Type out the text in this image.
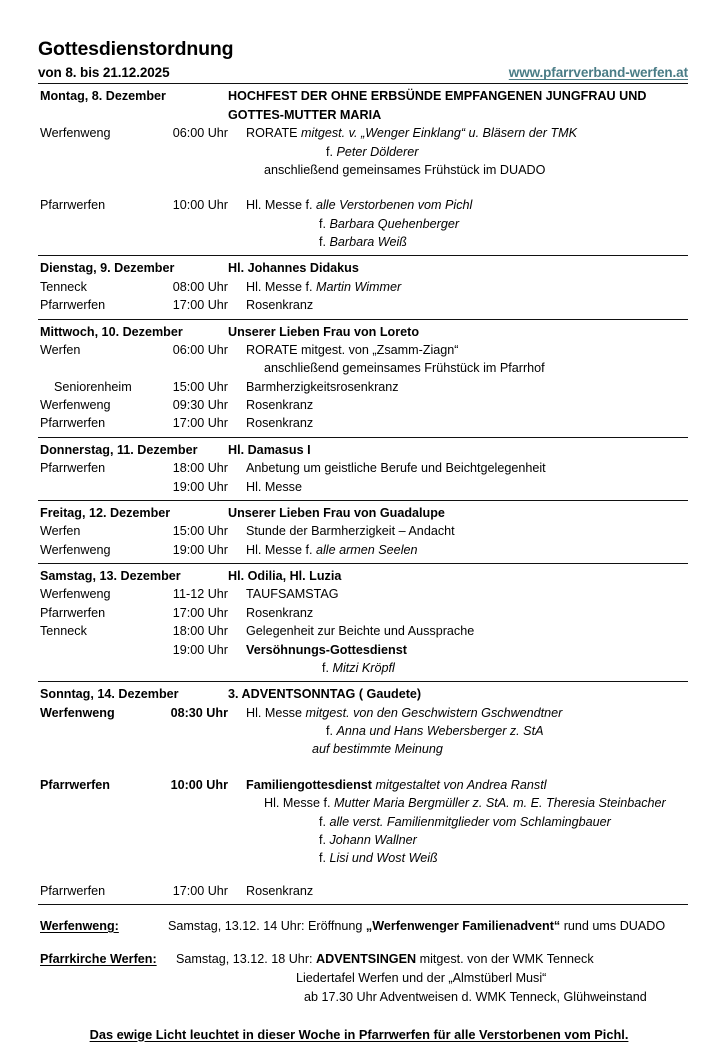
Gottesdienstordnung
von 8. bis 21.12.2025	www.pfarrverband-werfen.at
Montag, 8. Dezember	HOCHFEST DER OHNE ERBSÜNDE EMPFANGENEN JUNGFRAU UND
GOTTES-MUTTER MARIA
Werfenweng	06:00 Uhr	RORATE mitgest. v. „Wenger Einklang“ u. Bläsern der TMK
f. Peter Dölderer
anschließend gemeinsames Frühstück im DUADO
Pfarrwerfen	10:00 Uhr	Hl. Messe f. alle Verstorbenen vom Pichl
f. Barbara Quehenberger
f. Barbara Weiß
Dienstag, 9. Dezember	Hl. Johannes Didakus
Tenneck	08:00 Uhr	Hl. Messe f. Martin Wimmer
Pfarrwerfen	17:00 Uhr	Rosenkranz
Mittwoch, 10. Dezember	Unserer Lieben Frau von Loreto
Werfen	06:00 Uhr	RORATE mitgest. von „Zsamm-Ziagn“
anschließend gemeinsames Frühstück im Pfarrhof
Seniorenheim	15:00 Uhr	Barmherzigkeitsrosenkranz
Werfenweng	09:30 Uhr	Rosenkranz
Pfarrwerfen	17:00 Uhr	Rosenkranz
Donnerstag, 11. Dezember	Hl. Damasus I
Pfarrwerfen	18:00 Uhr	Anbetung um geistliche Berufe und Beichtgelegenheit
19:00 Uhr	Hl. Messe
Freitag, 12. Dezember	Unserer Lieben Frau von Guadalupe
Werfen	15:00 Uhr	Stunde der Barmherzigkeit – Andacht
Werfenweng	19:00 Uhr	Hl. Messe f. alle armen Seelen
Samstag, 13. Dezember	Hl. Odilia, Hl. Luzia
Werfenweng	11-12 Uhr	TAUFSAMSTAG
Pfarrwerfen	17:00 Uhr	Rosenkranz
Tenneck	18:00 Uhr	Gelegenheit zur Beichte und Aussprache
19:00 Uhr	Versöhnungs-Gottesdienst
f. Mitzi Kröpfl
Sonntag, 14. Dezember	3. ADVENTSONNTAG ( Gaudete)
Werfenweng	08:30 Uhr	Hl. Messe mitgest. von den Geschwistern Gschwendtner
f. Anna und Hans Webersberger z. StA
auf bestimmte Meinung
Pfarrwerfen	10:00 Uhr	Familiengottesdienst mitgestaltet von Andrea Ranstl
Hl. Messe f. Mutter Maria Bergmüller z. StA. m. E. Theresia Steinbacher
f. alle verst. Familienmitglieder vom Schlamingbauer
f. Johann Wallner
f. Lisi und Wost Weiß
Pfarrwerfen	17:00 Uhr	Rosenkranz
Werfenweng:	Samstag, 13.12. 14 Uhr: Eröffnung „Werfenwenger Familienadvent“ rund ums DUADO
Pfarrkirche Werfen:	Samstag, 13.12. 18 Uhr: ADVENTSINGEN mitgest. von der WMK Tenneck
Liedertafel Werfen und der „Almstüberl Musi“
ab 17.30 Uhr Adventweisen d. WMK Tenneck, Glühweinstand
Das ewige Licht leuchtet in dieser Woche in Pfarrwerfen für alle Verstorbenen vom Pichl.
